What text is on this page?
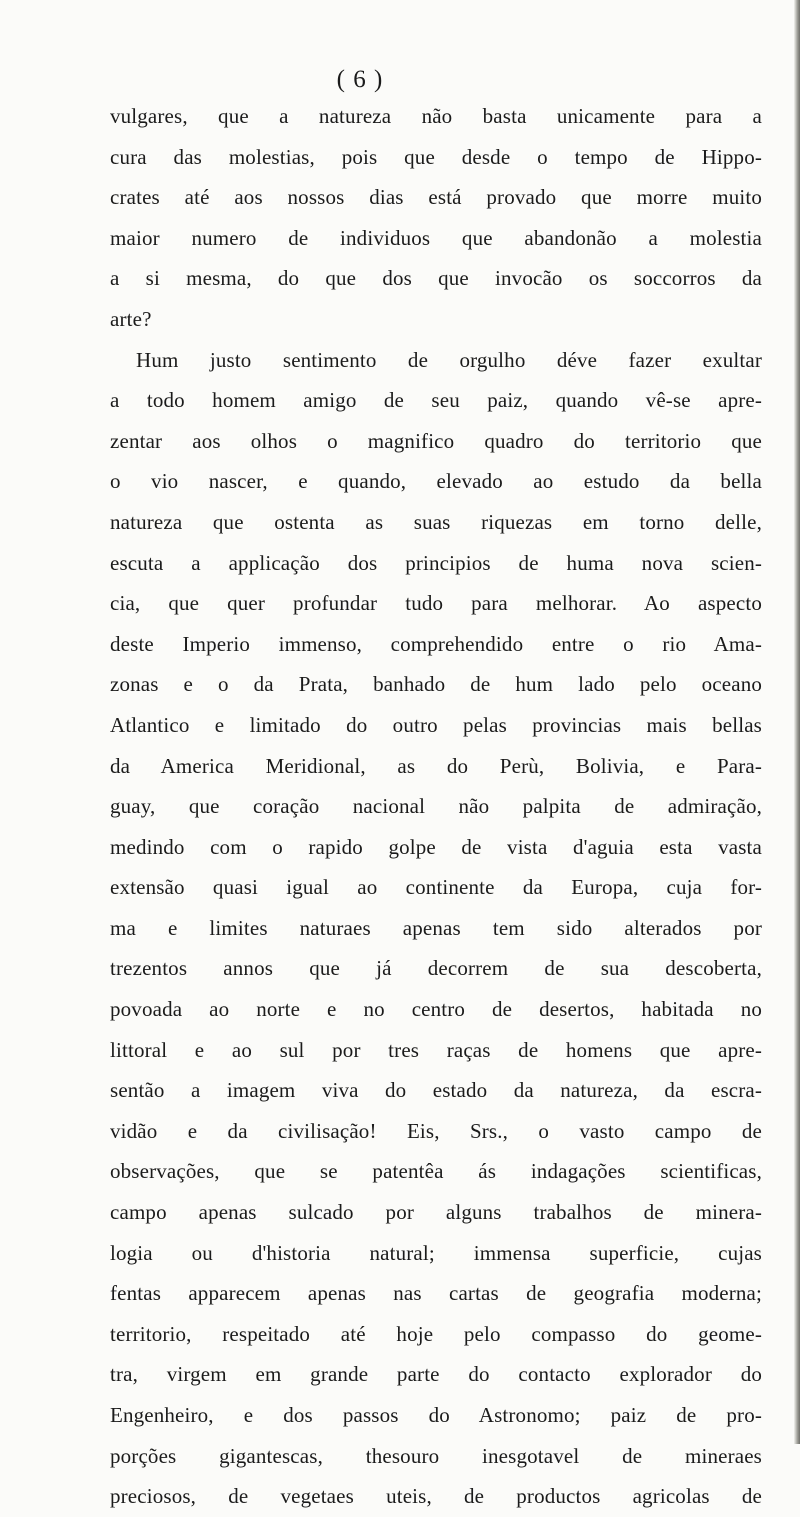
( 6 )
vulgares, que a natureza não basta unicamente para a
cura das molestias, pois que desde o tempo de Hippo-
crates até aos nossos dias está provado que morre muito
maior numero de individuos que abandonão a molestia
a si mesma, do que dos que invocão os soccorros da
arte?
Hum justo sentimento de orgulho déve fazer exultar
a todo homem amigo de seu paiz, quando vê-se apre-
zentar aos olhos o magnifico quadro do territorio que
o vio nascer, e quando, elevado ao estudo da bella
natureza que ostenta as suas riquezas em torno delle,
escuta a applicação dos principios de huma nova scien-
cia, que quer profundar tudo para melhorar. Ao aspecto
deste Imperio immenso, comprehendido entre o rio Ama-
zonas e o da Prata, banhado de hum lado pelo oceano
Atlantico e limitado do outro pelas provincias mais bellas
da America Meridional, as do Perù, Bolivia, e Para-
guay, que coração nacional não palpita de admiração,
medindo com o rapido golpe de vista d'aguia esta vasta
extensão quasi igual ao continente da Europa, cuja for-
ma e limites naturaes apenas tem sido alterados por
trezentos annos que já decorrem de sua descoberta,
povoada ao norte e no centro de desertos, habitada no
littoral e ao sul por tres raças de homens que apre-
sentão a imagem viva do estado da natureza, da escra-
vidão e da civilisação! Eis, Srs., o vasto campo de
observações, que se patentêa ás indagações scientificas,
campo apenas sulcado por alguns trabalhos de minera-
logia ou d'historia natural; immensa superficie, cujas
fentas apparecem apenas nas cartas de geografia moderna;
territorio, respeitado até hoje pelo compasso do geome-
tra, virgem em grande parte do contacto explorador do
Engenheiro, e dos passos do Astronomo; paiz de pro-
porções gigantescas, thesouro inesgotavel de mineraes
preciosos, de vegetaes uteis, de productos agricolas de
